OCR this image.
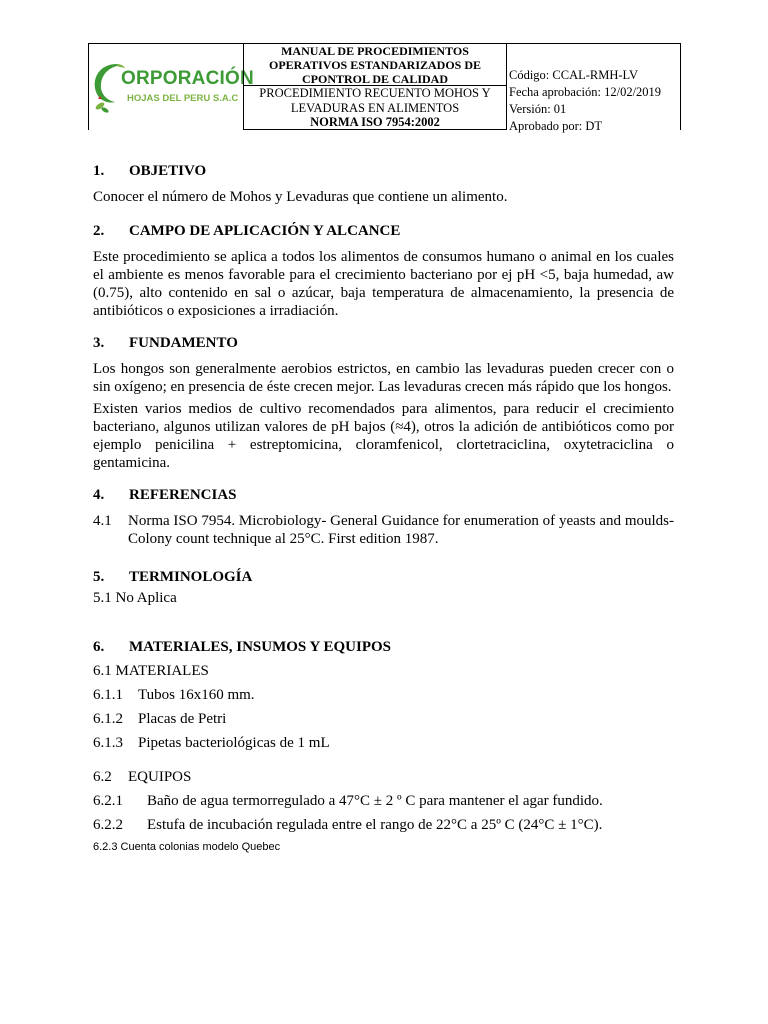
ORPORACIÓN
HOJAS DEL PERU S.A.C
MANUAL DE PROCEDIMIENTOS
OPERATIVOS ESTANDARIZADOS DE
CPONTROL DE CALIDAD
PROCEDIMIENTO RECUENTO MOHOS Y
LEVADURAS EN ALIMENTOS
NORMA ISO 7954:2002
Código: CCAL-RMH-LV
Fecha aprobación: 12/02/2019
Versión: 01
Aprobado por: DT

1. OBJETIVO

Conocer el número de Mohos y Levaduras que contiene un alimento.

2. CAMPO DE APLICACIÓN Y ALCANCE

Este procedimiento se aplica a todos los alimentos de consumos humano o animal en los cuales el ambiente es menos favorable para el crecimiento bacteriano por ej pH <5, baja humedad, aw (0.75), alto contenido en sal o azúcar, baja temperatura de almacenamiento, la presencia de antibióticos o exposiciones a irradiación.

3. FUNDAMENTO

Los hongos son generalmente aerobios estrictos, en cambio las levaduras pueden crecer con o sin oxígeno; en presencia de éste crecen mejor. Las levaduras crecen más rápido que los hongos.

Existen varios medios de cultivo recomendados para alimentos, para reducir el crecimiento bacteriano, algunos utilizan valores de pH bajos (≈4), otros la adición de antibióticos como por ejemplo penicilina + estreptomicina, cloramfenicol, clortetraciclina, oxytetraciclina o gentamicina.

4. REFERENCIAS

4.1 Norma ISO 7954. Microbiology- General Guidance for enumeration of yeasts and moulds- Colony count technique al 25°C. First edition 1987.

5. TERMINOLOGÍA

5.1 No Aplica

6. MATERIALES, INSUMOS Y EQUIPOS

6.1 MATERIALES

6.1.1 Tubos 16x160 mm.

6.1.2 Placas de Petri

6.1.3 Pipetas bacteriológicas de 1 mL

6.2 EQUIPOS

6.2.1 Baño de agua termorregulado a 47°C ± 2 º C para mantener el agar fundido.

6.2.2 Estufa de incubación regulada entre el rango de 22°C a 25º C (24°C ± 1°C).

6.2.3 Cuenta colonias modelo Quebec
